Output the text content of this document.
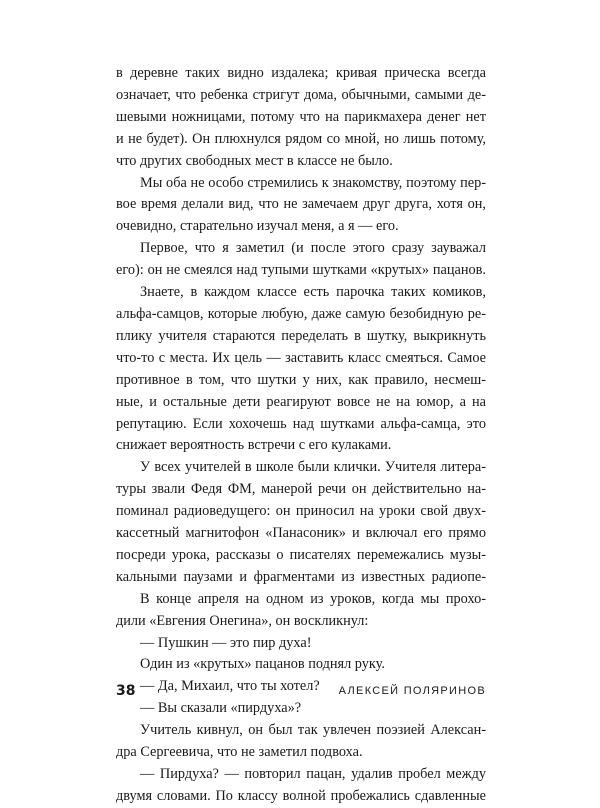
в деревне таких видно издалека; кривая прическа всегда
означает, что ребенка стригут дома, обычными, самыми де-
шевыми ножницами, потому что на парикмахера денег нет
и не будет). Он плюхнулся рядом со мной, но лишь потому,
что других свободных мест в классе не было.

Мы оба не особо стремились к знакомству, поэтому пер-
вое время делали вид, что не замечаем друг друга, хотя он,
очевидно, старательно изучал меня, а я — его.

Первое, что я заметил (и после этого сразу зауважал
его): он не смеялся над тупыми шутками «крутых» пацанов.

Знаете, в каждом классе есть парочка таких комиков,
альфа-самцов, которые любую, даже самую безобидную ре-
плику учителя стараются переделать в шутку, выкрикнуть
что-то с места. Их цель — заставить класс смеяться. Самое
противное в том, что шутки у них, как правило, несмеш-
ные, и остальные дети реагируют вовсе не на юмор, а на
репутацию. Если хохочешь над шутками альфа-самца, это
снижает вероятность встречи с его кулаками.

У всех учителей в школе были клички. Учителя литера-
туры звали Федя ФМ, манерой речи он действительно на-
поминал радиоведущего: он приносил на уроки свой двух-
кассетный магнитофон «Панасоник» и включал его прямо
посреди урока, рассказы о писателях перемежались музы-
кальными паузами и фрагментами из известных радиопе-

В конце апреля на одном из уроков, когда мы прохо-
дили «Евгения Онегина», он воскликнул:

— Пушкин — это пир духа!

Один из «крутых» пацанов поднял руку.

— Да, Михаил, что ты хотел?

— Вы сказали «пирдуха»?

Учитель кивнул, он был так увлечен поэзией Алексан-
дра Сергеевича, что не заметил подвоха.

— Пирдуха? — повторил пацан, удалив пробел между
двумя словами. По классу волной пробежались сдавленные

38	АЛЕКСЕЙ ПОЛЯРИНОВ
